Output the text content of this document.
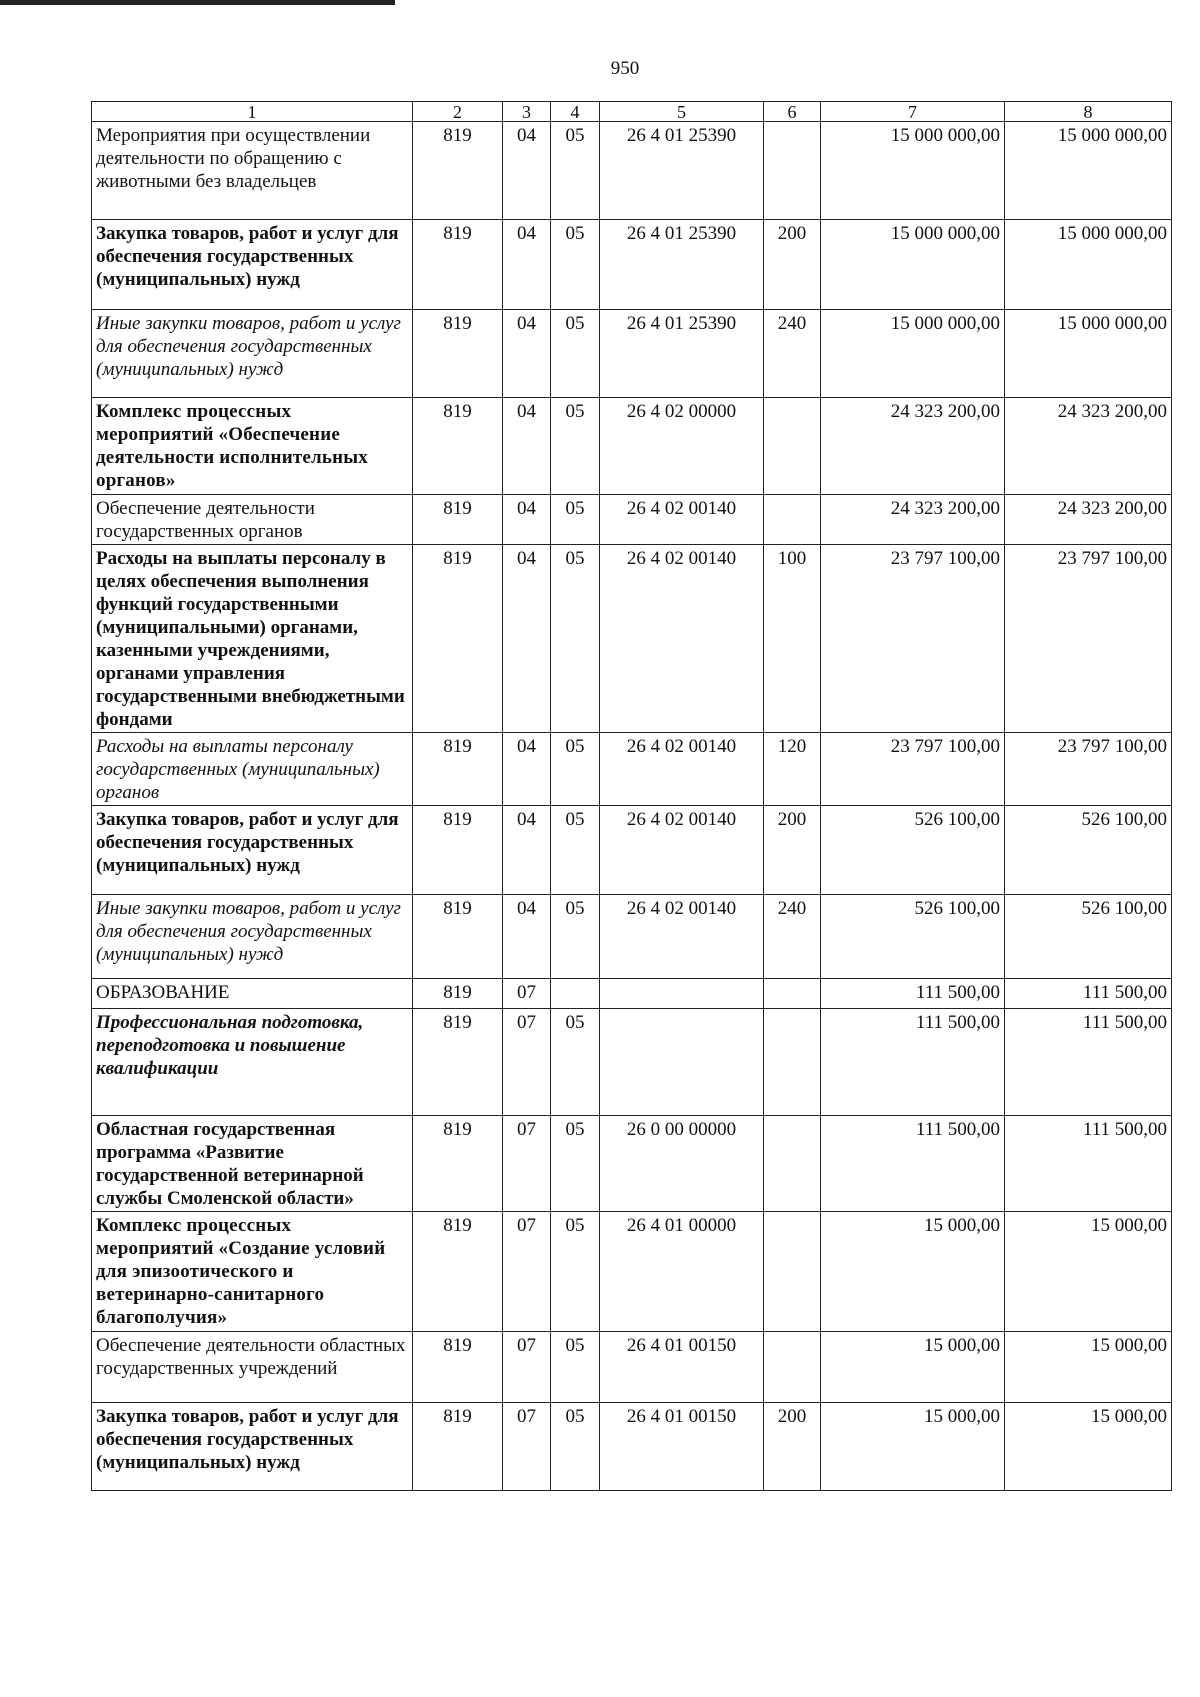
950
1	2	3	4	5	6	7	8
Мероприятия при осуществлении деятельности по обращению с животными без владельцев	819	04	05	26 4 01 25390		15 000 000,00	15 000 000,00
Закупка товаров, работ и услуг для обеспечения государственных (муниципальных) нужд	819	04	05	26 4 01 25390	200	15 000 000,00	15 000 000,00
Иные закупки товаров, работ и услуг для обеспечения государственных (муниципальных) нужд	819	04	05	26 4 01 25390	240	15 000 000,00	15 000 000,00
Комплекс процессных мероприятий «Обеспечение деятельности исполнительных органов»	819	04	05	26 4 02 00000		24 323 200,00	24 323 200,00
Обеспечение деятельности государственных органов	819	04	05	26 4 02 00140		24 323 200,00	24 323 200,00
Расходы на выплаты персоналу в целях обеспечения выполнения функций государственными (муниципальными) органами, казенными учреждениями, органами управления государственными внебюджетными фондами	819	04	05	26 4 02 00140	100	23 797 100,00	23 797 100,00
Расходы на выплаты персоналу государственных (муниципальных) органов	819	04	05	26 4 02 00140	120	23 797 100,00	23 797 100,00
Закупка товаров, работ и услуг для обеспечения государственных (муниципальных) нужд	819	04	05	26 4 02 00140	200	526 100,00	526 100,00
Иные закупки товаров, работ и услуг для обеспечения государственных (муниципальных) нужд	819	04	05	26 4 02 00140	240	526 100,00	526 100,00
ОБРАЗОВАНИЕ	819	07				111 500,00	111 500,00
Профессиональная подготовка, переподготовка и повышение квалификации	819	07	05			111 500,00	111 500,00
Областная государственная программа «Развитие государственной ветеринарной службы Смоленской области»	819	07	05	26 0 00 00000		111 500,00	111 500,00
Комплекс процессных мероприятий «Создание условий для эпизоотического и ветеринарно-санитарного благополучия»	819	07	05	26 4 01 00000		15 000,00	15 000,00
Обеспечение деятельности областных государственных учреждений	819	07	05	26 4 01 00150		15 000,00	15 000,00
Закупка товаров, работ и услуг для обеспечения государственных (муниципальных) нужд	819	07	05	26 4 01 00150	200	15 000,00	15 000,00
